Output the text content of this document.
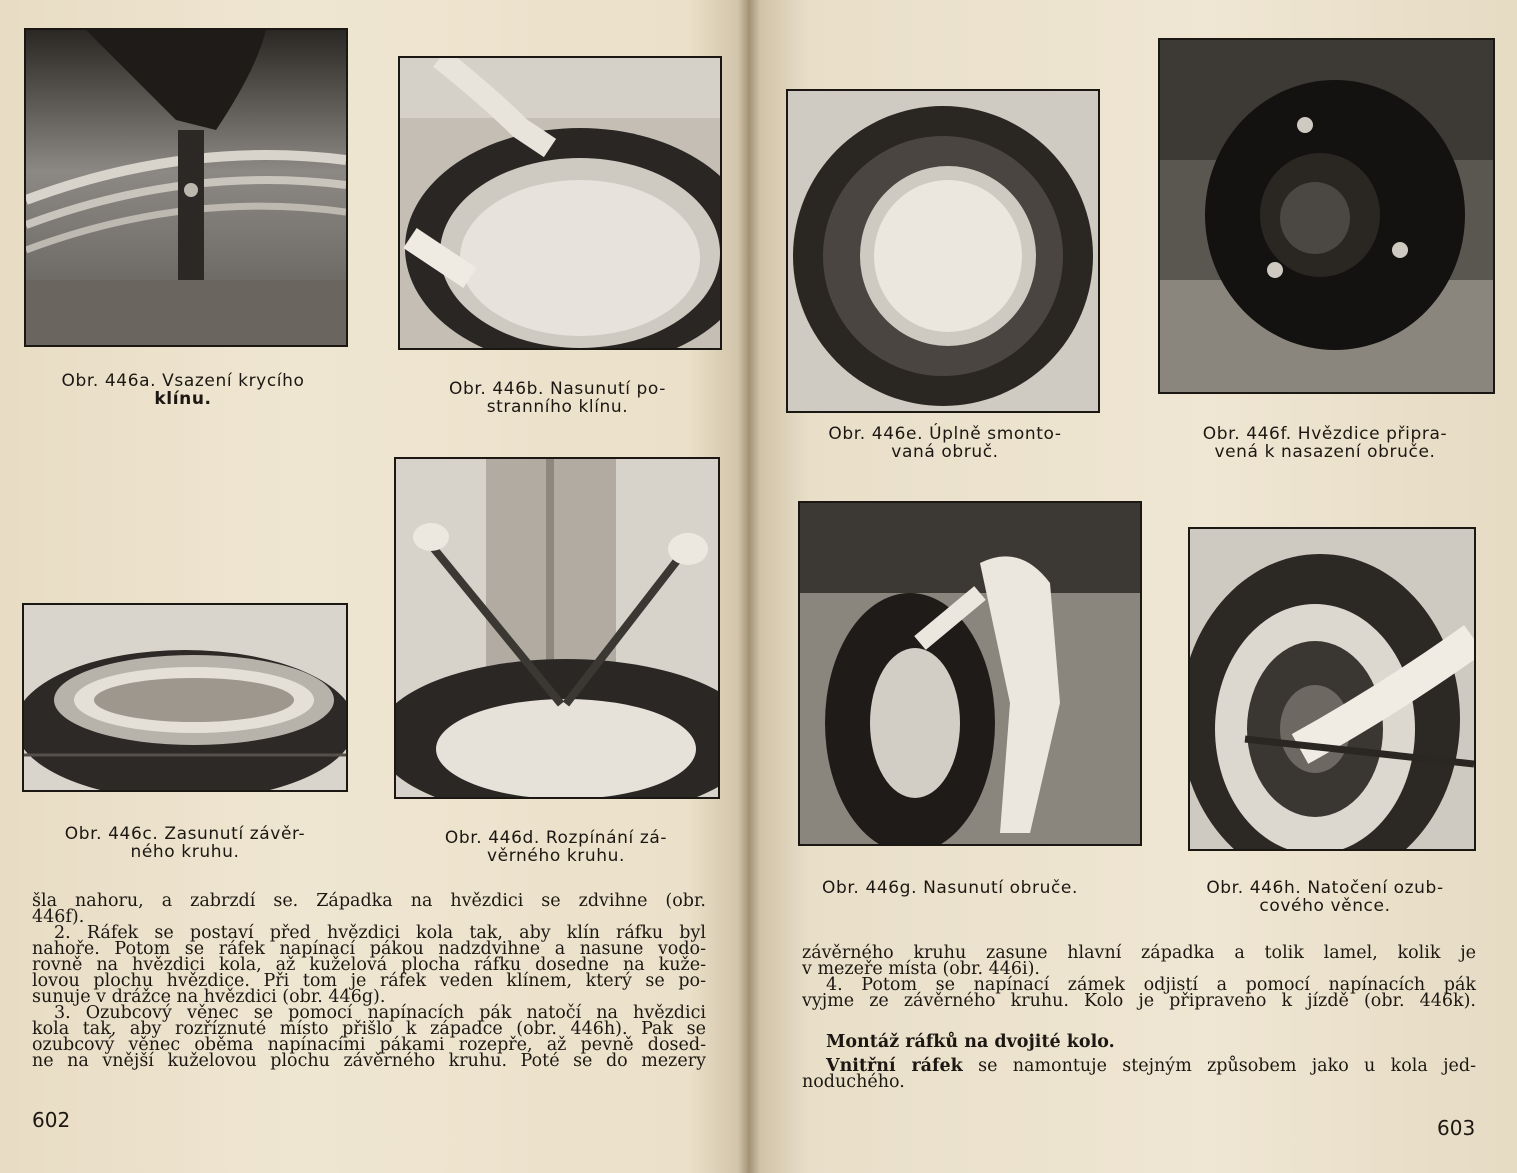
Obr. 446a. Vsazení krycího
klínu.	Obr. 446b. Nasunutí po-
stranního klínu.
Obr. 446c. Zasunutí závěr-
ného kruhu.
Obr. 446d. Rozpínání zá-
věrného kruhu.
šla nahoru, a zabrzdí se. Západka na hvězdici se zdvihne (obr.
446f).
2. Ráfek se postaví před hvězdici kola tak, aby klín ráfku byl
nahoře. Potom se ráfek napínací pákou nadzdvihne a nasune vodo-
rovně na hvězdici kola, až kuželová plocha ráfku dosedne na kuže-
lovou plochu hvězdice. Při tom je ráfek veden klínem, který se po-
sunuje v drážce na hvězdici (obr. 446g).
3. Ozubcový věnec se pomocí napínacích pák natočí na hvězdici
kola tak, aby rozříznuté místo přišlo k západce (obr. 446h). Pak se
ozubcový věnec oběma napínacími pákami rozepře, až pevně dosed-
ne na vnější kuželovou plochu závěrného kruhu. Poté se do mezery
602
Obr. 446e. Úplně smonto-
vaná obruč.
Obr. 446f. Hvězdice připra-
vená k nasazení obruče.
Obr. 446g. Nasunutí obruče.	Obr. 446h. Natočení ozub-
cového věnce.
závěrného kruhu zasune hlavní západka a tolik lamel, kolik je
v mezeře místa (obr. 446i).
4. Potom se napínací zámek odjistí a pomocí napínacích pák
vyjme ze závěrného kruhu. Kolo je připraveno k jízdě (obr. 446k).
Montáž ráfků na dvojité kolo.
Vnitřní ráfek se namontuje stejným způsobem jako u kola jed-
noduchého.
603
